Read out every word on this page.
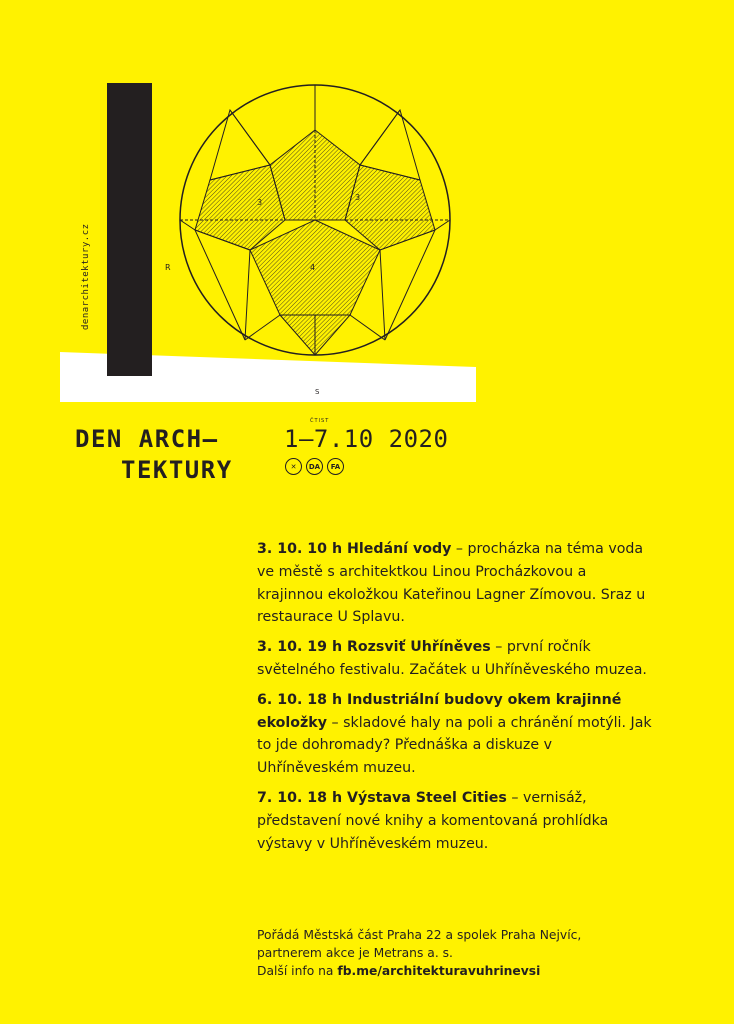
denarchitektury.cz
3
3
4
R
S
DEN ARCH—
TEKTURY
ČTIST
1—7.10 2020
✕	DA	FA

3. 10. 10 h Hledání vody – procházka na téma voda ve městě s architektkou Linou Procházkovou a krajinnou ekoložkou Kateřinou Lagner Zímovou. Sraz u restaurace U Splavu.

3. 10. 19 h Rozsviť Uhříněves – první ročník světelného festivalu. Začátek u Uhříněveského muzea.

6. 10. 18 h Industriální budovy okem krajinné ekoložky – skladové haly na poli a chránění motýli. Jak to jde dohromady? Přednáška a diskuze v Uhříněveském muzeu.

7. 10. 18 h Výstava Steel Cities – vernisáž, představení nové knihy a komentovaná prohlídka výstavy v Uhříněveském muzeu.

Pořádá Městská část Praha 22 a spolek Praha Nejvíc,
partnerem akce je Metrans a. s.
Další info na fb.me/architekturavuhrinevsi
